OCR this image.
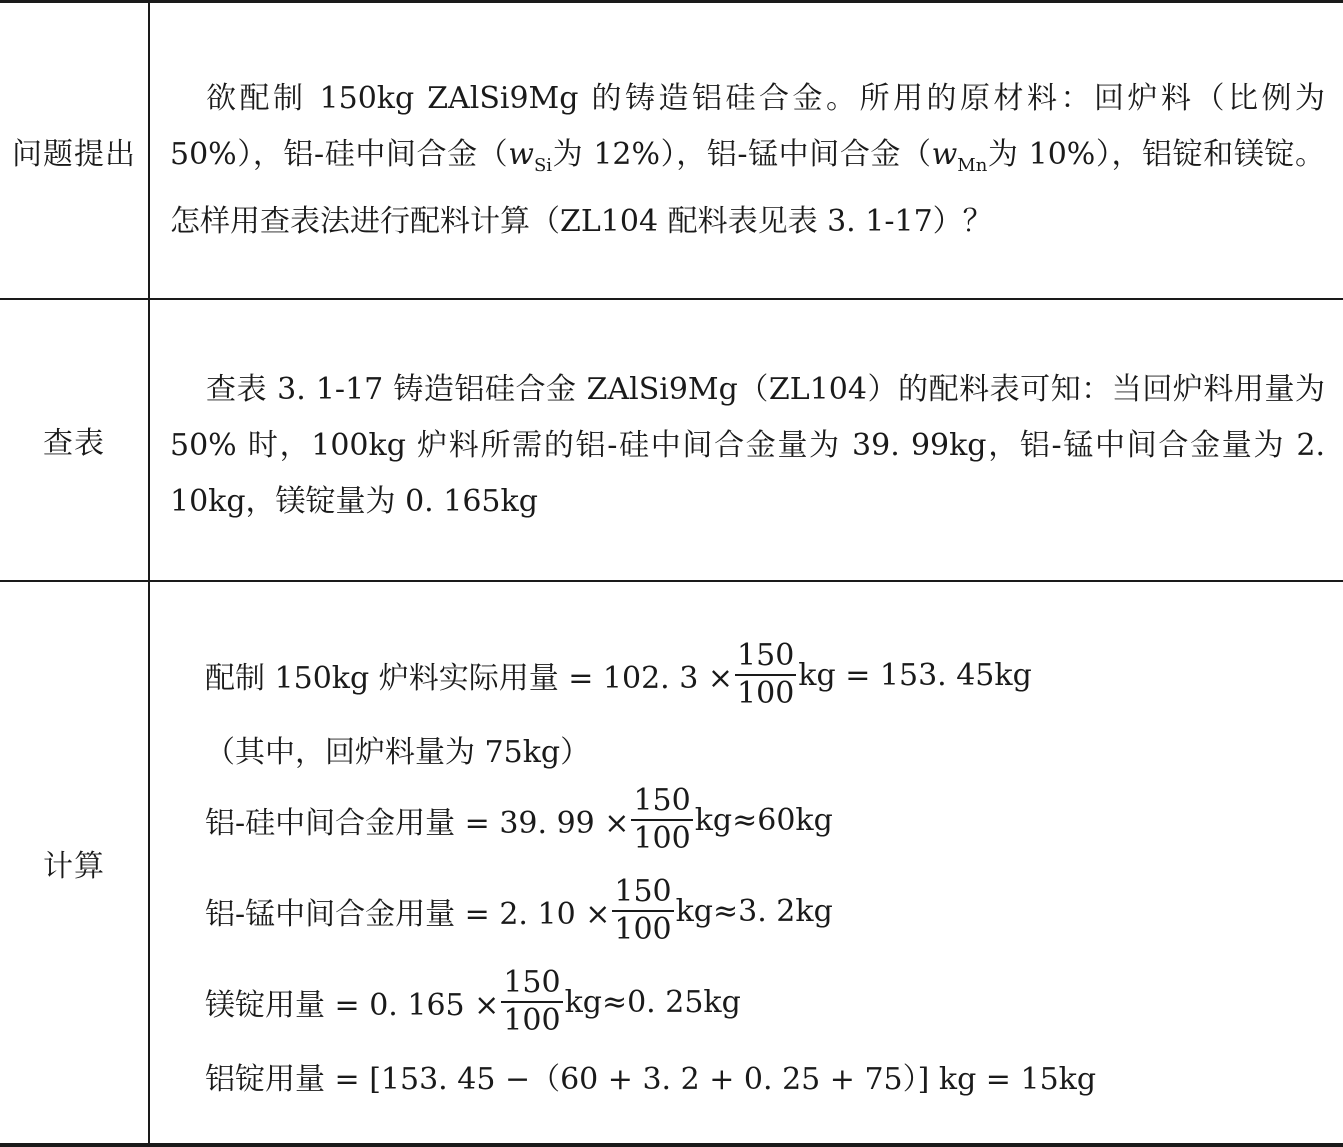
问题提出
欲配制 150kg ZAlSi9Mg 的铸造铝硅合金。所用的原材料：回炉料（比例为50%），铝-硅中间合金（$w_{Si}$为 12%），铝-锰中间合金（$w_{Mn}$为 10%），铝锭和镁锭。怎样用查表法进行配料计算（ZL104 配料表见表 3. 1-17）？
查表
查表 3. 1-17 铸造铝硅合金 ZAlSi9Mg（ZL104）的配料表可知：当回炉料用量为 50% 时，100kg 炉料所需的铝-硅中间合金量为 39. 99kg，铝-锰中间合金量为 2. 10kg，镁锭量为 0. 165kg
计算
配制 150kg 炉料实际用量 = 102. $3 \times \frac{150}{100}$ kg = 153. 45kg
（其中，回炉料量为 75kg）
铝-硅中间合金用量 = 39. $99 \times \frac{150}{100} kg\approx 60kg$
铝-锰中间合金用量 = 2. $10 \times \frac{150}{100} kg\approx 3$. 2kg
镁锭用量 = 0. $165 \times \frac{150}{100} kg\approx 0$. 25kg
铝锭用量 = [153. 45 −（60 + 3. 2 + 0. 25 + 75）] kg = 15kg
